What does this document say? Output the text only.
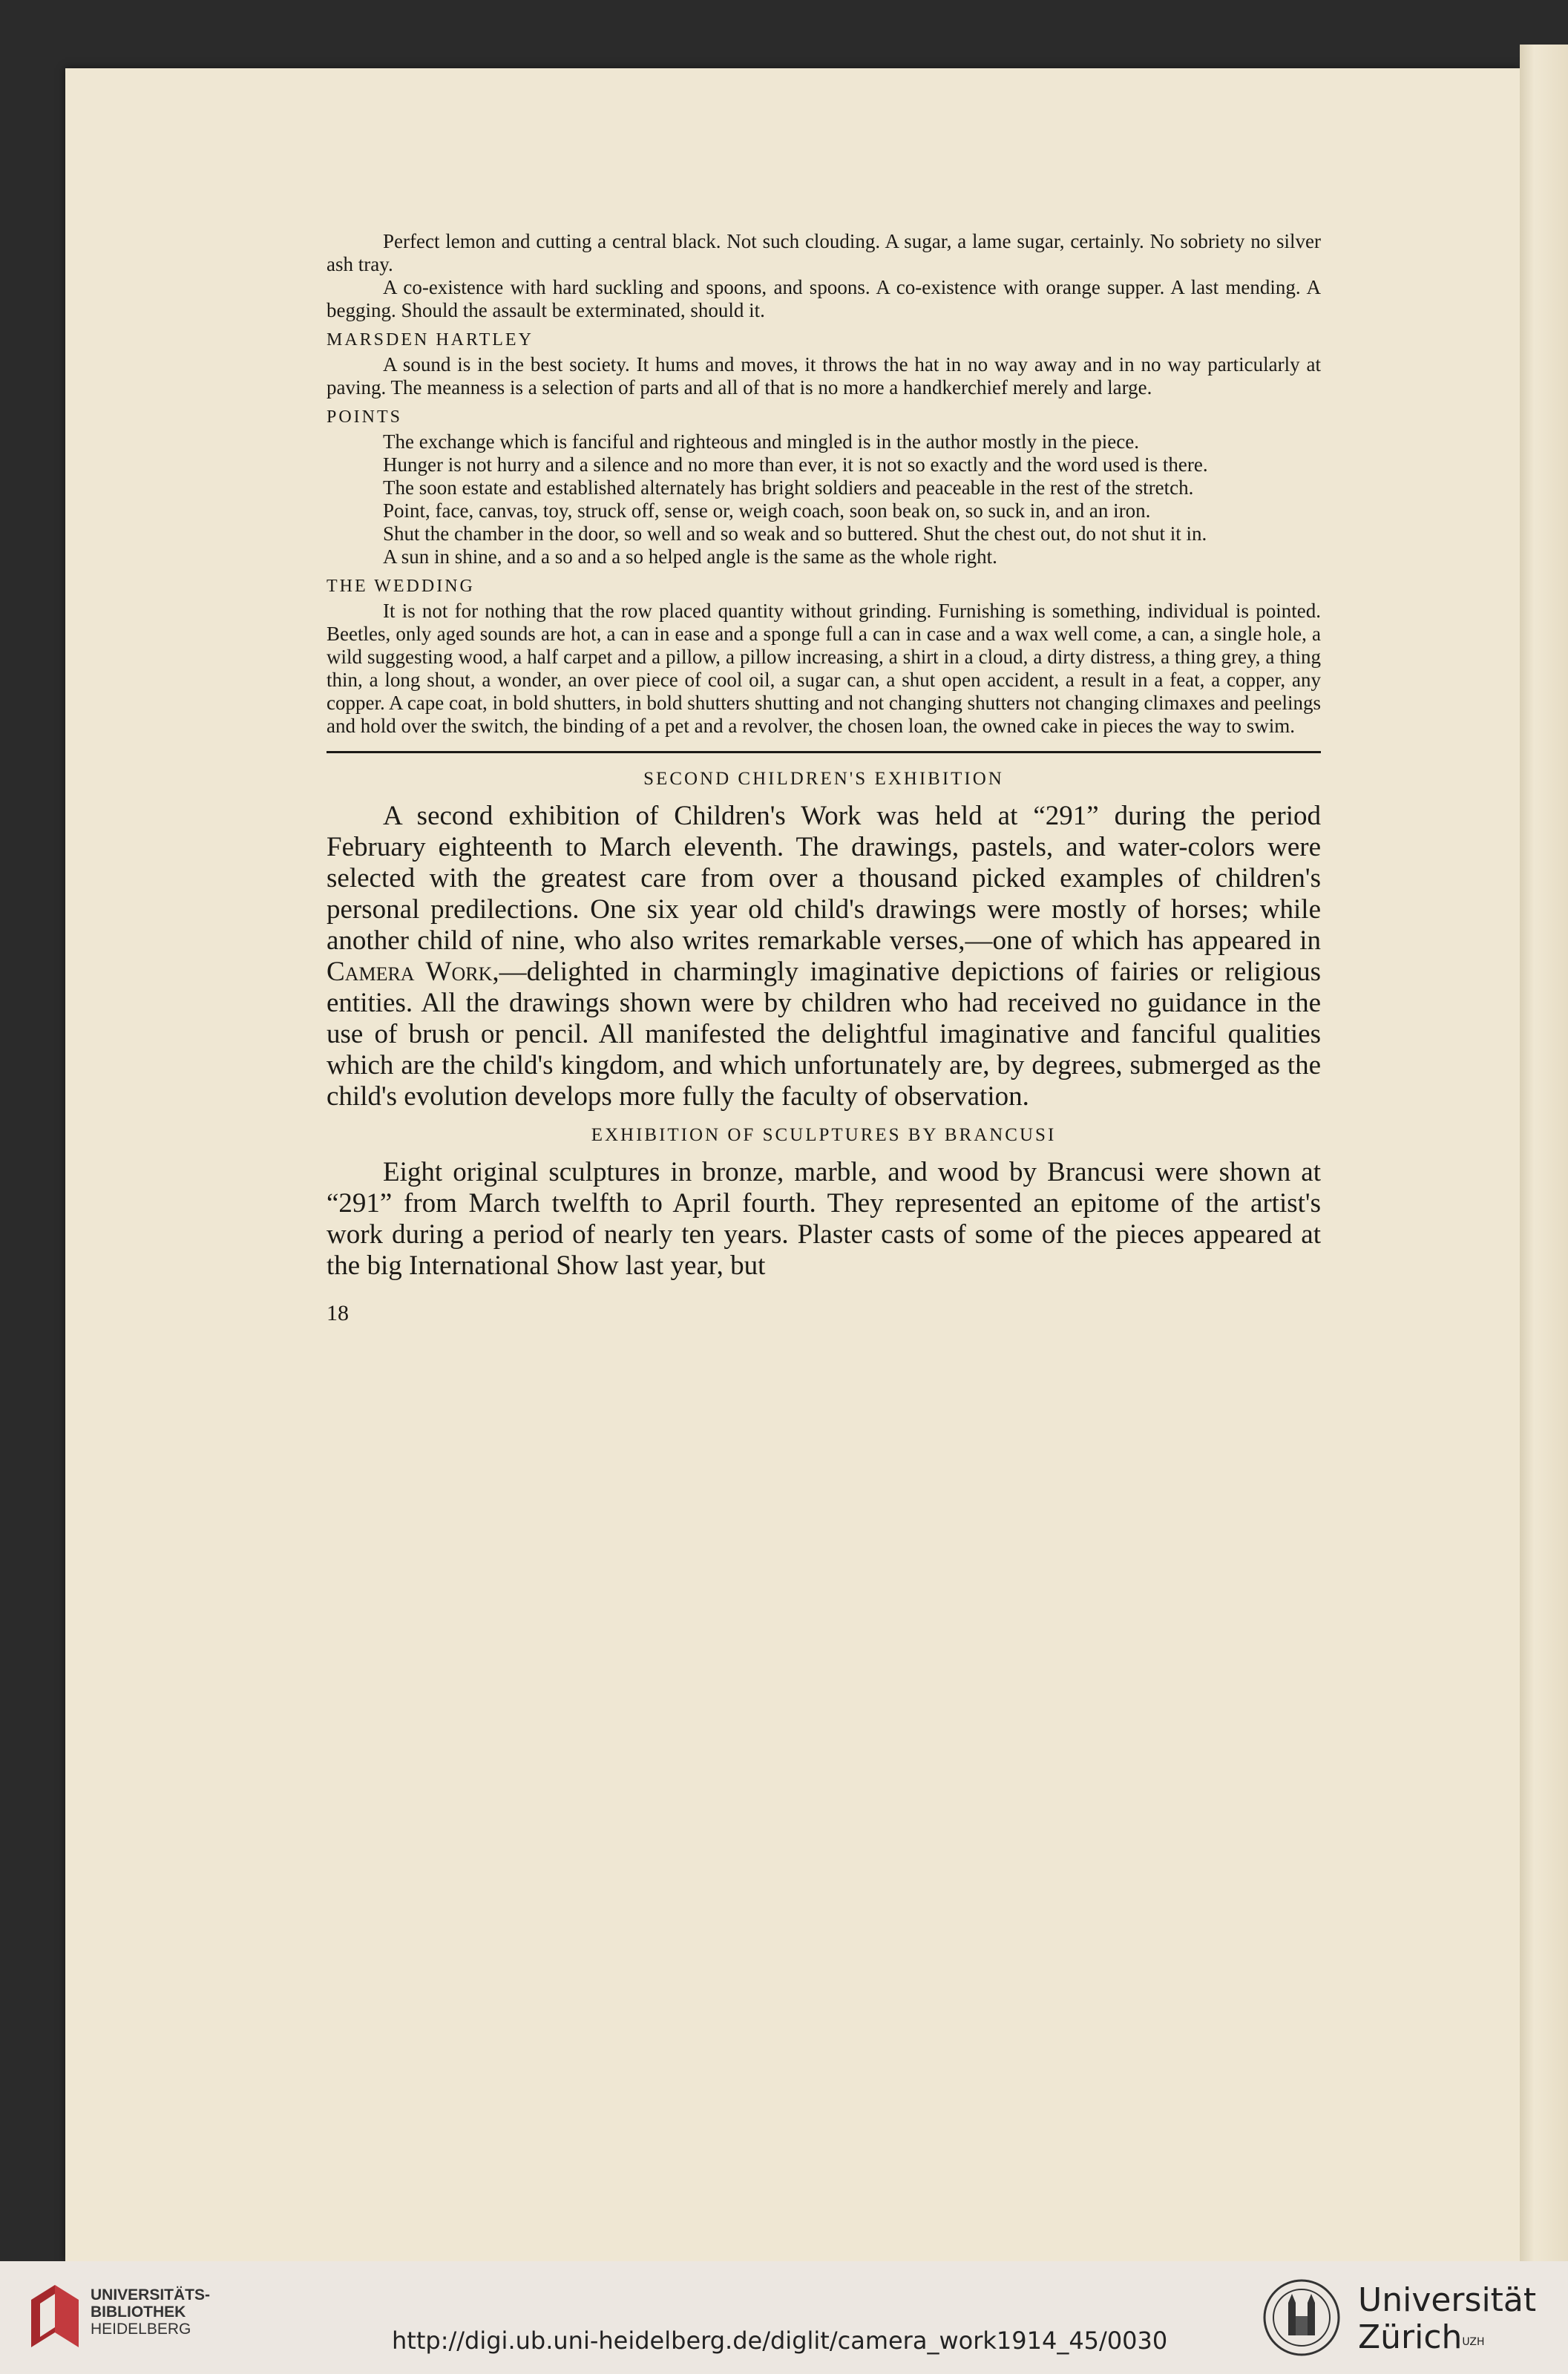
Perfect lemon and cutting a central black. Not such clouding. A sugar, a lame sugar, certainly. No sobriety no silver ash tray.

A co-existence with hard suckling and spoons, and spoons. A co-existence with orange supper. A last mending. A begging. Should the assault be exterminated, should it.

MARSDEN HARTLEY

A sound is in the best society. It hums and moves, it throws the hat in no way away and in no way particularly at paving. The meanness is a selection of parts and all of that is no more a handkerchief merely and large.

POINTS

The exchange which is fanciful and righteous and mingled is in the author mostly in the piece.

Hunger is not hurry and a silence and no more than ever, it is not so exactly and the word used is there.

The soon estate and established alternately has bright soldiers and peaceable in the rest of the stretch.

Point, face, canvas, toy, struck off, sense or, weigh coach, soon beak on, so suck in, and an iron.

Shut the chamber in the door, so well and so weak and so buttered. Shut the chest out, do not shut it in.

A sun in shine, and a so and a so helped angle is the same as the whole right.

THE WEDDING

It is not for nothing that the row placed quantity without grinding. Furnishing is something, individual is pointed. Beetles, only aged sounds are hot, a can in ease and a sponge full a can in case and a wax well come, a can, a single hole, a wild suggesting wood, a half carpet and a pillow, a pillow increasing, a shirt in a cloud, a dirty distress, a thing grey, a thing thin, a long shout, a wonder, an over piece of cool oil, a sugar can, a shut open accident, a result in a feat, a copper, any copper. A cape coat, in bold shutters, in bold shutters shutting and not changing shutters not changing climaxes and peelings and hold over the switch, the binding of a pet and a revolver, the chosen loan, the owned cake in pieces the way to swim.

SECOND CHILDREN'S EXHIBITION

A second exhibition of Children's Work was held at “291” during the period February eighteenth to March eleventh. The drawings, pastels, and water-colors were selected with the greatest care from over a thousand picked examples of children's personal predilections. One six year old child's drawings were mostly of horses; while another child of nine, who also writes remarkable verses,—one of which has appeared in Camera Work,—delighted in charmingly imaginative depictions of fairies or religious entities. All the drawings shown were by children who had received no guidance in the use of brush or pencil. All manifested the delightful imaginative and fanciful qualities which are the child's kingdom, and which unfortunately are, by degrees, submerged as the child's evolution develops more fully the faculty of observation.

EXHIBITION OF SCULPTURES BY BRANCUSI

Eight original sculptures in bronze, marble, and wood by Brancusi were shown at “291” from March twelfth to April fourth. They represented an epitome of the artist's work during a period of nearly ten years. Plaster casts of some of the pieces appeared at the big International Show last year, but

18
UNIVERSITÄTS-
BIBLIOTHEK
HEIDELBERG	http://digi.ub.uni-heidelberg.de/diglit/camera_work1914_45/0030
Universität
Zürich$^{UZH}$
